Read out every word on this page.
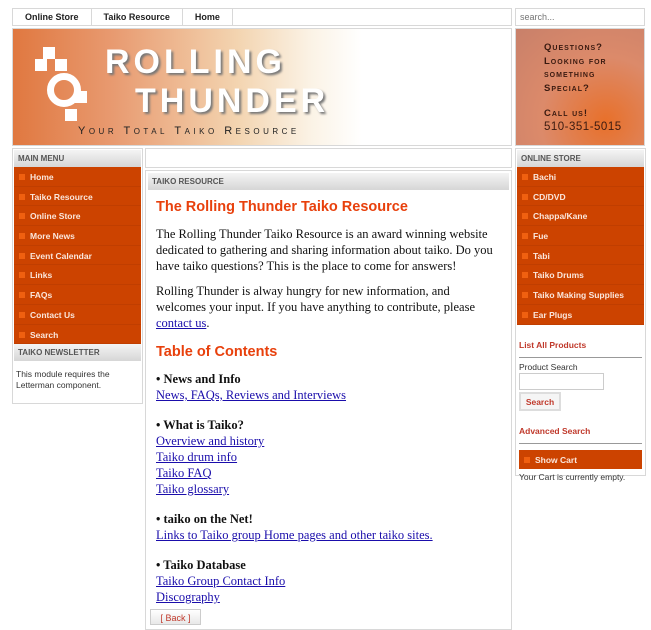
Online Store	Taiko Resource	Home
search...
ROLLING
THUNDER
Your Total Taiko Resource
Questions?
Looking for
something
Special?
Call us!
510-351-5015
MAIN MENU
Home
Taiko Resource
Online Store
More News
Event Calendar
Links
FAQs
Contact Us
Search
TAIKO NEWSLETTER
This module requires the Letterman component.
TAIKO RESOURCE
The Rolling Thunder Taiko Resource

The Rolling Thunder Taiko Resource is an award winning website dedicated to gathering and sharing information about taiko. Do you have taiko questions? This is the place to come for answers!

Rolling Thunder is alway hungry for new information, and welcomes your input. If you have anything to contribute, please contact us.

Table of Contents

• News and Info
News, FAQs, Reviews and Interviews

• What is Taiko?
Overview and history
Taiko drum info
Taiko FAQ
Taiko glossary

• taiko on the Net!
Links to Taiko group Home pages and other taiko sites.

• Taiko Database
Taiko Group Contact Info
Discography

[ Back ]
ONLINE STORE
Bachi
CD/DVD
Chappa/Kane
Fue
Tabi
Taiko Drums
Taiko Making Supplies
Ear Plugs
List All Products
Product Search
Search
Advanced Search
Show Cart
Your Cart is currently empty.
